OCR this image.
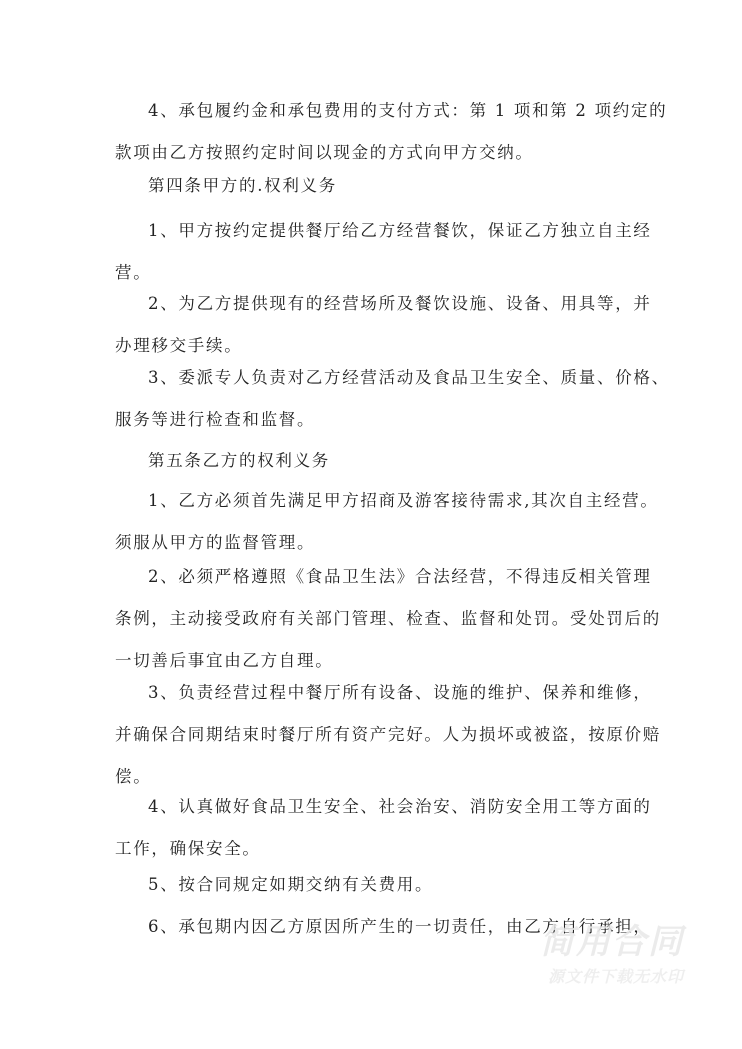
4、承包履约金和承包费用的支付方式：第 1 项和第 2 项约定的
款项由乙方按照约定时间以现金的方式向甲方交纳。
第四条甲方的.权利义务
1、甲方按约定提供餐厅给乙方经营餐饮，保证乙方独立自主经
营。
2、为乙方提供现有的经营场所及餐饮设施、设备、用具等，并
办理移交手续。
3、委派专人负责对乙方经营活动及食品卫生安全、质量、价格、
服务等进行检查和监督。
第五条乙方的权利义务
1、乙方必须首先满足甲方招商及游客接待需求,其次自主经营。
须服从甲方的监督管理。
2、必须严格遵照《食品卫生法》合法经营，不得违反相关管理
条例，主动接受政府有关部门管理、检查、监督和处罚。受处罚后的
一切善后事宜由乙方自理。
3、负责经营过程中餐厅所有设备、设施的维护、保养和维修，
并确保合同期结束时餐厅所有资产完好。人为损坏或被盗，按原价赔
偿。
4、认真做好食品卫生安全、社会治安、消防安全用工等方面的
工作，确保安全。
5、按合同规定如期交纳有关费用。
6、承包期内因乙方原因所产生的一切责任，由乙方自行承担，
简用合同
源文件下载无水印
